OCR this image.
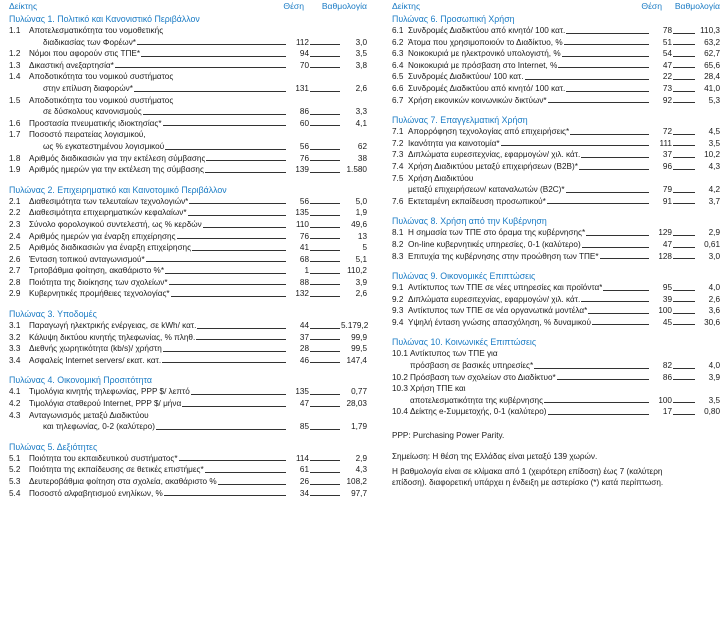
Δείκτης	Θέση	Βαθμολογία
Πυλώνας 1. Πολιτικό και Κανονιστικό Περιβάλλον
1.1 Αποτελεσματικότητα του νομοθετικής
διαδικασίας των Φορέων*	112	3,0
1.2	Νόμοι που αφορούν στις ΤΠΕ*	94	3,5
1.3	Δικαστική ανεξαρτησία*	70	3,8
1.4 Αποδοτικότητα του νομικού συστήματος
στην επίλυση διαφορών*	131	2,6
1.5 Αποδοτικότητα του νομικού συστήματος
σε δύσκολους κανονισμούς	86	3,3
1.6	Προστασία πνευματικής ιδιοκτησίας*	60	4,1
1.7 Ποσοστό πειρατείας λογισμικού,
ως % εγκατεστημένου λογισμικού	56	62
1.8	Αριθμός διαδικασιών για την εκτέλεση σύμβασης	76	38
1.9	Αριθμός ημερών για την εκτέλεση της σύμβασης	139	1.580
Πυλώνας 2. Επιχειρηματικό και Καινοτομικό Περιβάλλον
2.1	Διαθεσιμότητα των τελευταίων τεχνολογιών*	56	5,0
2.2	Διαθεσιμότητα επιχειρηματικών κεφαλαίων*	135	1,9
2.3	Σύνολο φορολογικού συντελεστή, ως % κερδών	110	49,6
2.4	Αριθμός ημερών για έναρξη επιχείρησης	76	13
2.5	Αριθμός διαδικασιών για έναρξη επιχείρησης	41	5
2.6	Ένταση τοπικού ανταγωνισμού*	68	5,1
2.7	Τριτοβάθμια φοίτηση, ακαθάριστο %*	1	110,2
2.8	Ποιότητα της διοίκησης των σχολείων*	88	3,9
2.9	Κυβερνητικές προμήθειες τεχνολογίας*	132	2,6
Πυλώνας 3. Υποδομές
3.1	Παραγωγή ηλεκτρικής ενέργειας, σε kWh/ κατ.	44	5.179,2
3.2	Κάλυψη δικτύου κινητής τηλεφωνίας, % πληθ.	37	99,9
3.3	Διεθνής χωρητικότητα (kb/s)/ χρήστη	28	99,5
3.4	Ασφαλείς Internet servers/ εκατ. κατ.	46	147,4
Πυλώνας 4. Οικονομική Προσιτότητα
4.1	Τιμολόγια κινητής τηλεφωνίας, PPP $/ λεπτό	135	0,77
4.2	Τιμολόγια σταθερού Internet, PPP $/ μήνα	47	28,03
4.3 Ανταγωνισμός μεταξύ Διαδικτύου
και τηλεφωνίας, 0-2 (καλύτερο)	85	1,79
Πυλώνας 5. Δεξιότητες
5.1	Ποιότητα του εκπαιδευτικού συστήματος*	114	2,9
5.2	Ποιότητα της εκπαίδευσης σε θετικές επιστήμες*	61	4,3
5.3	Δευτεροβάθμια φοίτηση στα σχολεία, ακαθάριστο %	26	108,2
5.4	Ποσοστό αλφαβητισμού ενηλίκων, %	34	97,7
Δείκτης	Θέση	Βαθμολογία
Πυλώνας 6. Προσωπική Χρήση
6.1 Συνδρομές Διαδικτύου από κινητό/ 100 κατ.	78	110,3
6.2 Άτομα που χρησιμοποιούν το Διαδίκτυο, %	51	63,2
6.3 Νοικοκυριά με ηλεκτρονικό υπολογιστή, %	54	62,7
6.4 Νοικοκυριά με πρόσβαση στο Internet, %	47	65,6
6.5 Συνδρομές Διαδικτύου/ 100 κατ.	22	28,4
6.6 Συνδρομές Διαδικτύου από κινητό/ 100 κατ.	73	41,0
6.7 Χρήση εικονικών κοινωνικών δικτύων*	92	5,3
Πυλώνας 7. Επαγγελματική Χρήση
7.1 Απορρόφηση τεχνολογίας από επιχειρήσεις*	72	4,5
7.2 Ικανότητα για καινοτομία*	111	3,5
7.3 Διπλώματα ευρεσιτεχνίας, εφαρμογών/ χιλ. κάτ.	37	10,2
7.4 Χρήση Διαδικτύου μεταξύ επιχειρήσεων (B2B)*	96	4,3
7.5 Χρήση Διαδικτύου
μεταξύ επιχειρήσεων/ καταναλωτών (B2C)*	79	4,2
7.6 Εκτεταμένη εκπαίδευση προσωπικού*	91	3,7
Πυλώνας 8. Χρήση από την Κυβέρνηση
8.1 Η σημασία των ΤΠΕ στο όραμα της κυβέρνησης*	129	2,9
8.2 On-line κυβερνητικές υπηρεσίες, 0-1 (καλύτερο)	47	0,61
8.3 Επιτυχία της κυβέρνησης στην προώθηση των ΤΠΕ*	128	3,0
Πυλώνας 9. Οικονομικές Επιπτώσεις
9.1 Αντίκτυπος των ΤΠΕ σε νέες υπηρεσίες και προϊόντα*	95	4,0
9.2 Διπλώματα ευρεσιτεχνίας, εφαρμογών/ χιλ. κάτ.	39	2,6
9.3 Αντίκτυπος των ΤΠΕ σε νέα οργανωτικά μοντέλα*	100	3,6
9.4 Υψηλή ένταση γνώσης απασχόληση, % δυναμικού	45	30,6
Πυλώνας 10. Κοινωνικές Επιπτώσεις
10.1 Αντίκτυπος των ΤΠΕ για
πρόσβαση σε βασικές υπηρεσίες*	82	4,0
10.2 Πρόσβαση των σχολείων στο Διαδίκτυο*	86	3,9
10.3 Χρήση ΤΠΕ και
αποτελεσματικότητα της κυβέρνησης	100	3,5
10.4 Δείκτης e-Συμμετοχής, 0-1 (καλύτερο)	17	0,80
PPP: Purchasing Power Parity.
Σημείωση: Η θέση της Ελλάδας είναι μεταξύ 139 χωρών.
Η βαθμολογία είναι σε κλίμακα από 1 (χειρότερη επίδοση) έως 7 (καλύτερη
επίδοση). διαφορετική υπάρχει η ένδειξη με αστερίσκο (*) κατά περίπτωση.
